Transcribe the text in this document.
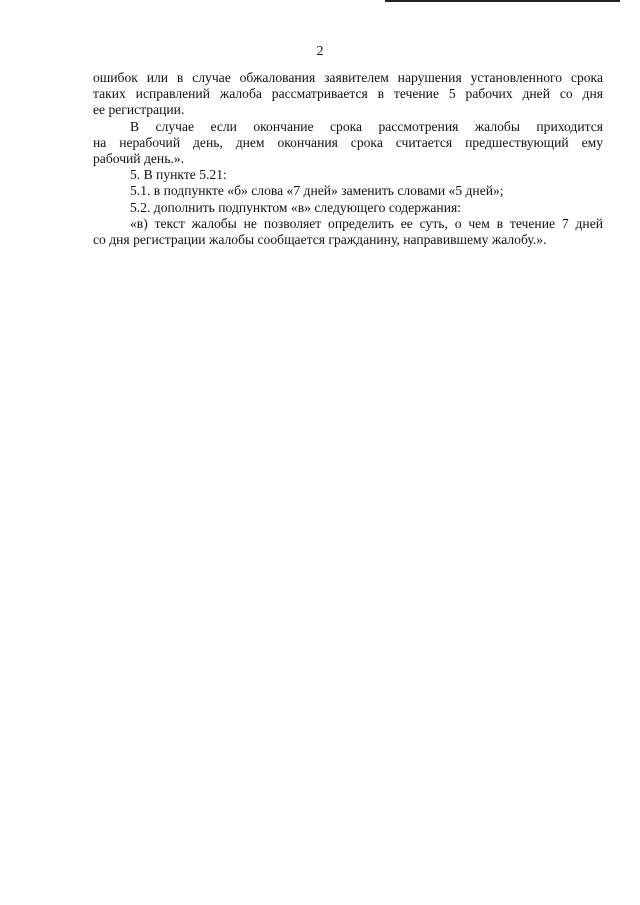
2
ошибок или в случае обжалования заявителем нарушения установленного срока
таких исправлений жалоба рассматривается в течение 5 рабочих дней со дня
ее регистрации.
В случае если окончание срока рассмотрения жалобы приходится
на нерабочий день, днем окончания срока считается предшествующий ему
рабочий день.».
5. В пункте 5.21:
5.1. в подпункте «б» слова «7 дней» заменить словами «5 дней»;
5.2. дополнить подпунктом «в» следующего содержания:
«в) текст жалобы не позволяет определить ее суть, о чем в течение 7 дней
со дня регистрации жалобы сообщается гражданину, направившему жалобу.».
